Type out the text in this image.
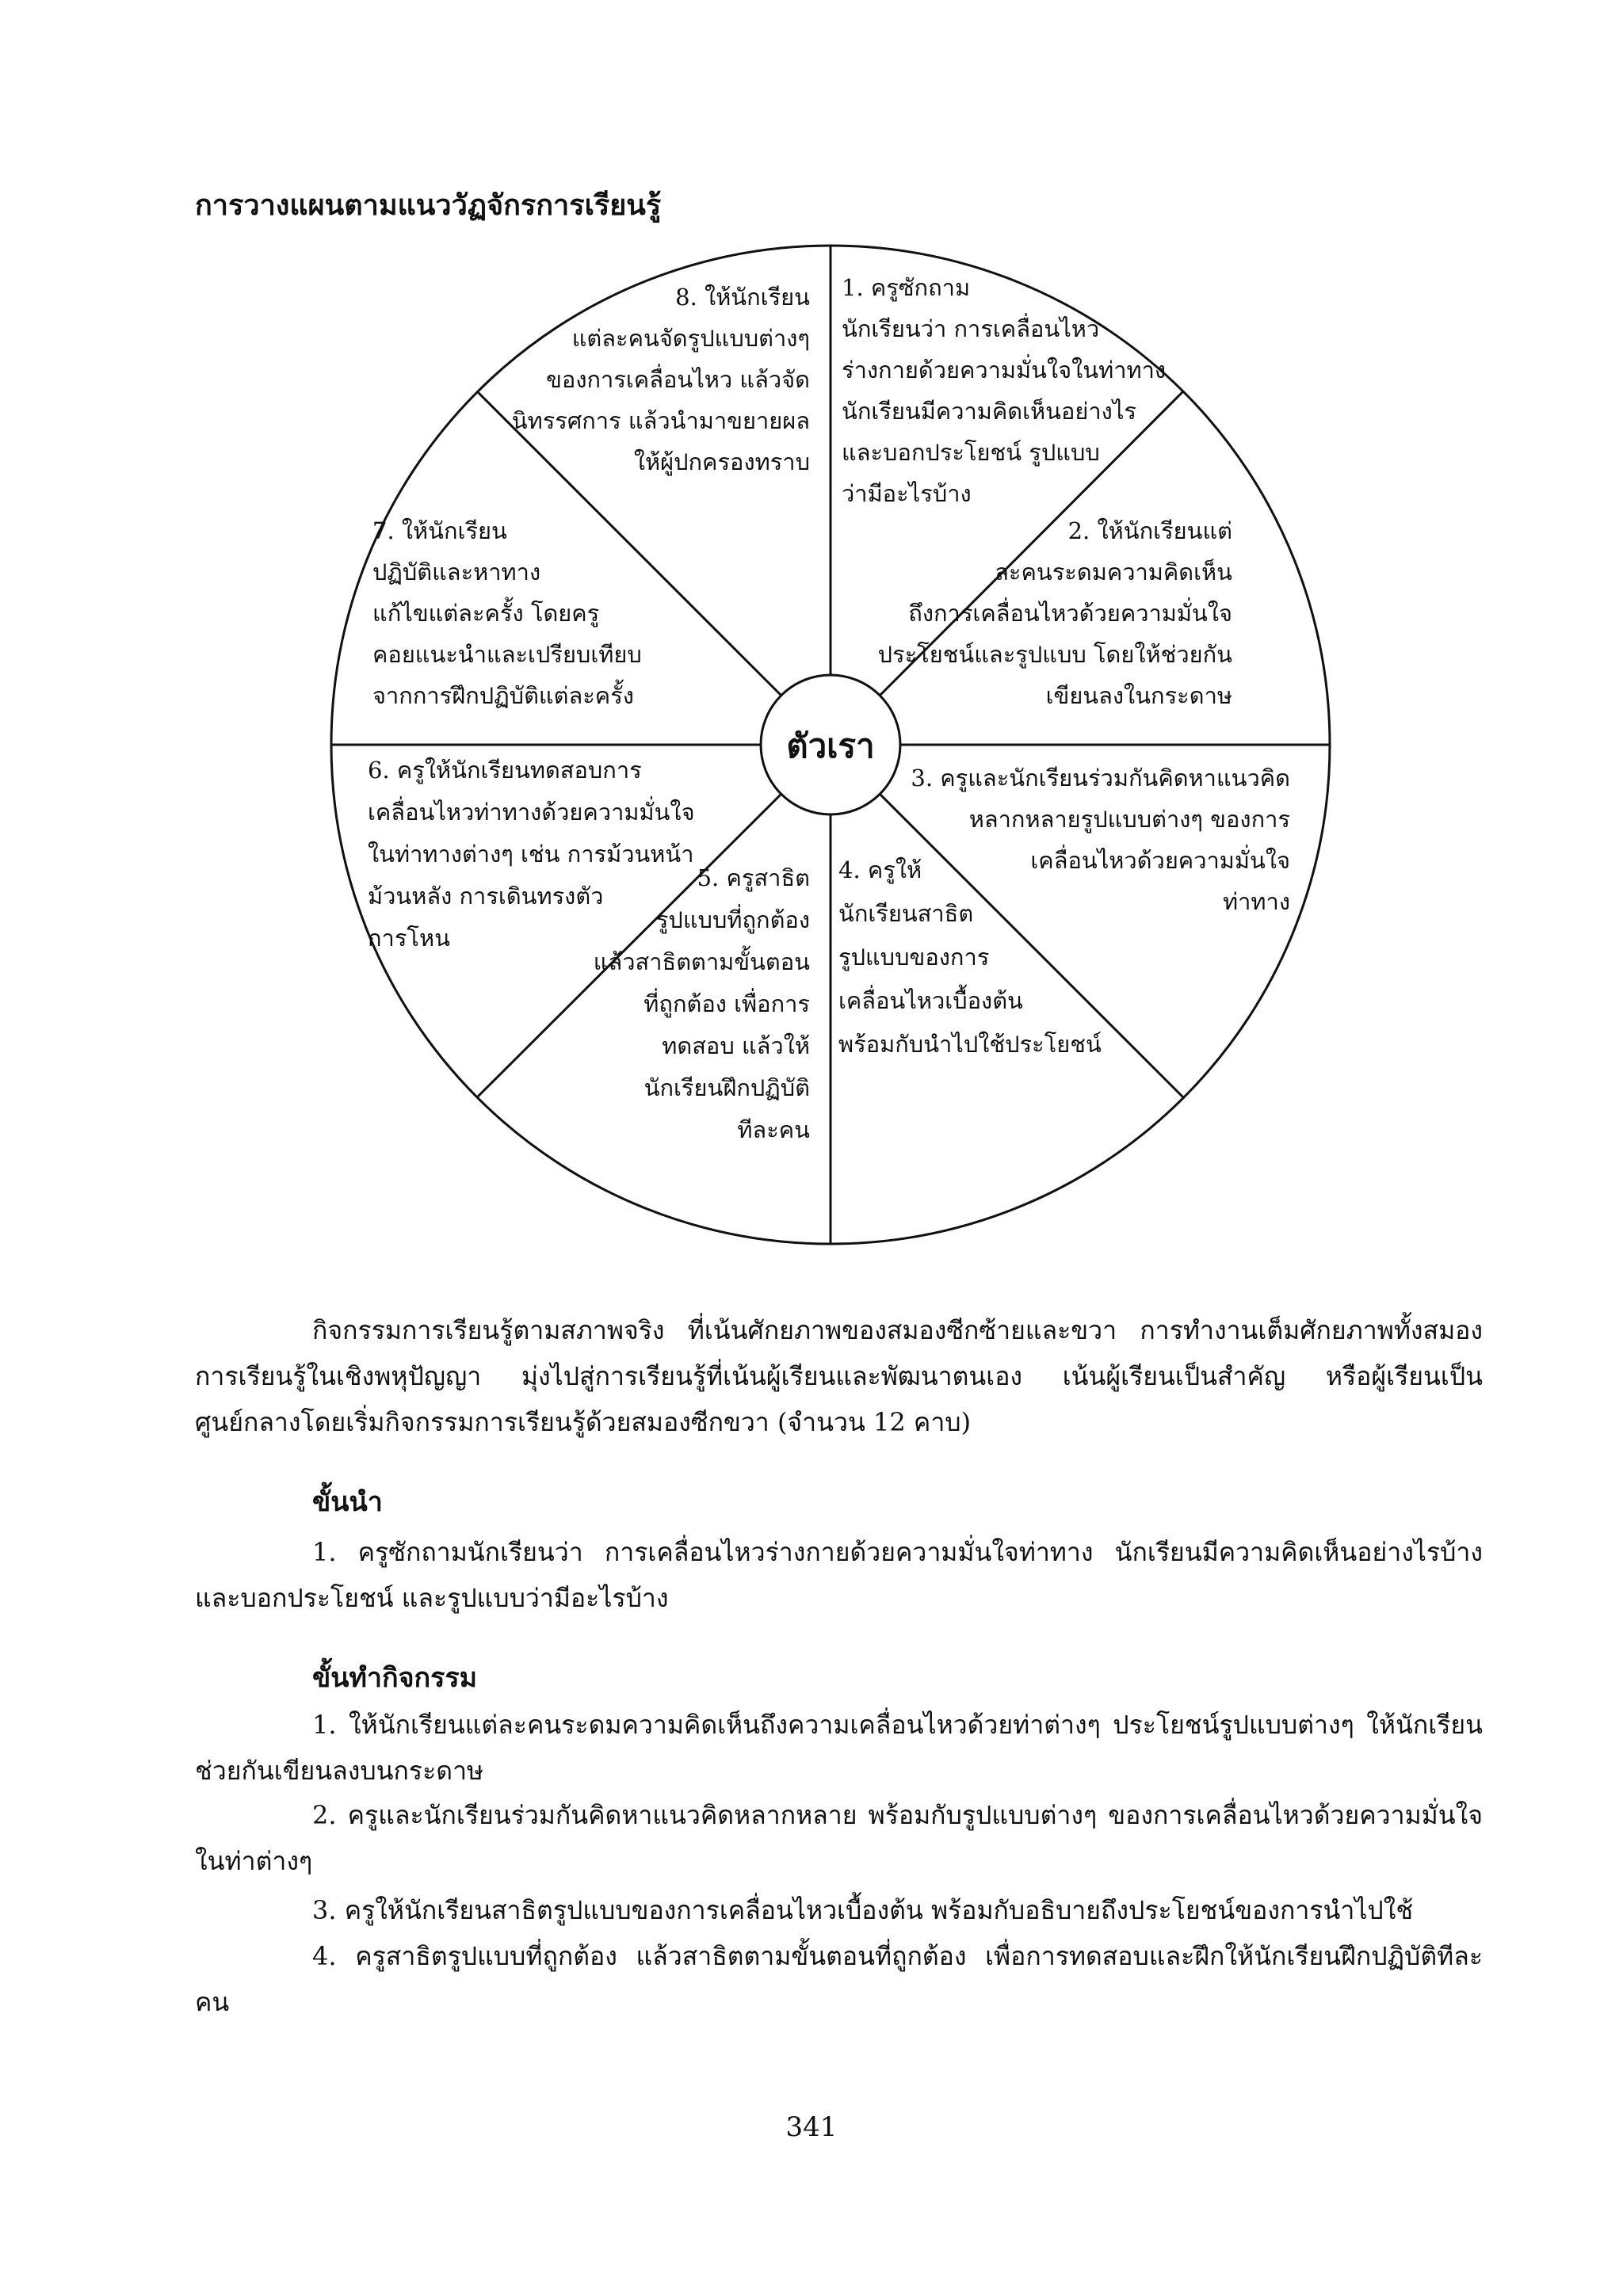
การวางแผนตามแนววัฏจักรการเรียนรู้
ตัวเรา
1. ครูซักถามนักเรียนว่า การเคลื่อนไหวร่างกายด้วยความมั่นใจในท่าทางนักเรียนมีความคิดเห็นอย่างไรและบอกประโยชน์ รูปแบบว่ามีอะไรบ้าง
2. ให้นักเรียนแต่ละคนระดมความคิดเห็นถึงการเคลื่อนไหวด้วยความมั่นใจประโยชน์และรูปแบบ โดยให้ช่วยกันเขียนลงในกระดาษ
3. ครูและนักเรียนร่วมกันคิดหาแนวคิดหลากหลายรูปแบบต่างๆ ของการเคลื่อนไหวด้วยความมั่นใจท่าทาง
4. ครูให้นักเรียนสาธิตรูปแบบของการเคลื่อนไหวเบื้องต้นพร้อมกับนำไปใช้ประโยชน์
5. ครูสาธิตรูปแบบที่ถูกต้องแล้วสาธิตตามขั้นตอนที่ถูกต้อง เพื่อการทดสอบ แล้วให้นักเรียนฝึกปฏิบัติทีละคน
6. ครูให้นักเรียนทดสอบการเคลื่อนไหวท่าทางด้วยความมั่นใจในท่าทางต่างๆ เช่น การม้วนหน้าม้วนหลัง การเดินทรงตัวการโหน
7. ให้นักเรียนปฏิบัติและหาทางแก้ไขแต่ละครั้ง โดยครูคอยแนะนำและเปรียบเทียบจากการฝึกปฏิบัติแต่ละครั้ง
8. ให้นักเรียนแต่ละคนจัดรูปแบบต่างๆของการเคลื่อนไหว แล้วจัดนิทรรศการ แล้วนำมาขยายผลให้ผู้ปกครองทราบ

กิจกรรมการเรียนรู้ตามสภาพจริง ที่เน้นศักยภาพของสมองซีกซ้ายและขวา การทำงานเต็มศักยภาพทั้งสมอง การเรียนรู้ในเชิงพหุปัญญา มุ่งไปสู่การเรียนรู้ที่เน้นผู้เรียนและพัฒนาตนเอง เน้นผู้เรียนเป็นสำคัญ หรือผู้เรียนเป็นศูนย์กลางโดยเริ่มกิจกรรมการเรียนรู้ด้วยสมองซีกขวา (จำนวน 12 คาบ)

ขั้นนำ

1. ครูซักถามนักเรียนว่า การเคลื่อนไหวร่างกายด้วยความมั่นใจท่าทาง นักเรียนมีความคิดเห็นอย่างไรบ้าง และบอกประโยชน์ และรูปแบบว่ามีอะไรบ้าง

ขั้นทำกิจกรรม

1. ให้นักเรียนแต่ละคนระดมความคิดเห็นถึงความเคลื่อนไหวด้วยท่าต่างๆ ประโยชน์รูปแบบต่างๆ ให้นักเรียนช่วยกันเขียนลงบนกระดาษ

2. ครูและนักเรียนร่วมกันคิดหาแนวคิดหลากหลาย พร้อมกับรูปแบบต่างๆ ของการเคลื่อนไหวด้วยความมั่นใจในท่าต่างๆ

3. ครูให้นักเรียนสาธิตรูปแบบของการเคลื่อนไหวเบื้องต้น พร้อมกับอธิบายถึงประโยชน์ของการนำไปใช้

4. ครูสาธิตรูปแบบที่ถูกต้อง แล้วสาธิตตามขั้นตอนที่ถูกต้อง เพื่อการทดสอบและฝึกให้นักเรียนฝึกปฏิบัติทีละคน

341
